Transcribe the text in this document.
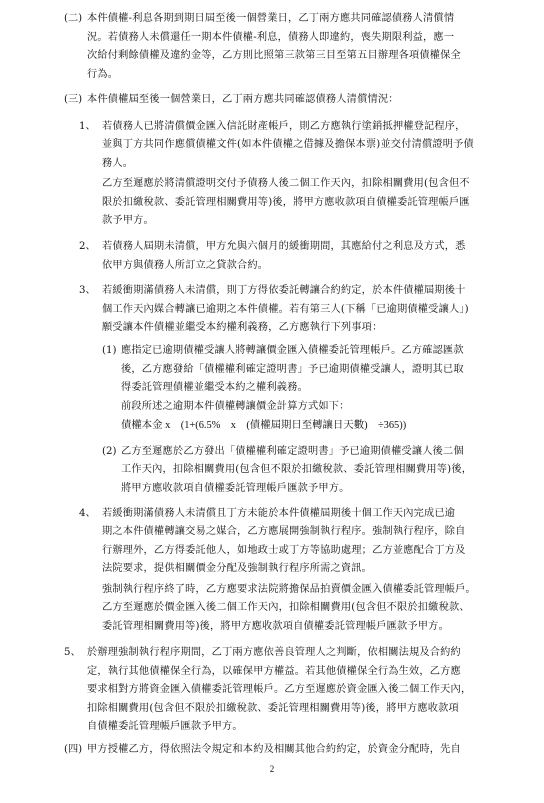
(二) 本件債權-利息各期到期日屆至後一個營業日，乙丁兩方應共同確認債務人清償情
況。若債務人未償還任一期本件債權-利息，債務人即違約，喪失期限利益，應一
次給付剩餘債權及違約金等，乙方則比照第三款第三目至第五目辦理各項債權保全
行為。
(三) 本件債權屆至後一個營業日，乙丁兩方應共同確認債務人清償情況：
1、 若債務人已將清償價金匯入信託財產帳戶，則乙方應執行塗銷抵押權登記程序，
並與丁方共同作應償債權文件(如本件債權之借據及擔保本票)並交付清償證明予債
務人。
乙方至遲應於將清償證明交付予債務人後二個工作天內，扣除相關費用(包含但不
限於扣繳稅款、委託管理相關費用等)後，將甲方應收款項自債權委託管理帳戶匯
款予甲方。
2、 若債務人屆期未清償，甲方允與六個月的緩衝期間，其應給付之利息及方式，悉
依甲方與債務人所訂立之貸款合約。
3、 若緩衝期滿債務人未清償，則丁方得依委託轉讓合約約定，於本件債權屆期後十
個工作天內媒合轉讓已逾期之本件債權。若有第三人(下稱「已逾期債權受讓人」)
願受讓本件債權並繼受本約權利義務，乙方應執行下列事項：
(1) 應指定已逾期債權受讓人將轉讓價金匯入債權委託管理帳戶。乙方確認匯款
後，乙方應發給「債權權利確定證明書」予已逾期債權受讓人，證明其已取
得委託管理債權並繼受本約之權利義務。
前段所述之逾期本件債權轉讓價金計算方式如下：
債權本金 x　(1+(6.5%　x　(債權屆期日至轉讓日天數)　÷365))
(2) 乙方至遲應於乙方發出「債權權利確定證明書」予已逾期債權受讓人後二個
工作天內，扣除相關費用(包含但不限於扣繳稅款、委託管理相關費用等)後，
將甲方應收款項自債權委託管理帳戶匯款予甲方。
4、 若緩衝期滿債務人未清償且丁方未能於本件債權屆期後十個工作天內完成已逾
期之本件債權轉讓交易之媒合，乙方應展開強制執行程序。強制執行程序，除自
行辦理外，乙方得委託他人，如地政士或丁方等協助處理；乙方並應配合丁方及
法院要求，提供相關價金分配及強制執行程序所需之資訊。
強制執行程序終了時，乙方應要求法院將擔保品拍賣價金匯入債權委託管理帳戶。
乙方至遲應於價金匯入後二個工作天內，扣除相關費用(包含但不限於扣繳稅款、
委託管理相關費用等)後，將甲方應收款項自債權委託管理帳戶匯款予甲方。
5、 於辦理強制執行程序期間，乙丁兩方應依善良管理人之判斷，依相關法規及合約約
定，執行其他債權保全行為，以確保甲方權益。若其他債權保全行為生效，乙方應
要求相對方將資金匯入債權委託管理帳戶。乙方至遲應於資金匯入後二個工作天內，
扣除相關費用(包含但不限於扣繳稅款、委託管理相關費用等)後，將甲方應收款項
自債權委託管理帳戶匯款予甲方。
(四) 甲方授權乙方，得依照法令規定和本約及相關其他合約約定，於資金分配時，先自
2
